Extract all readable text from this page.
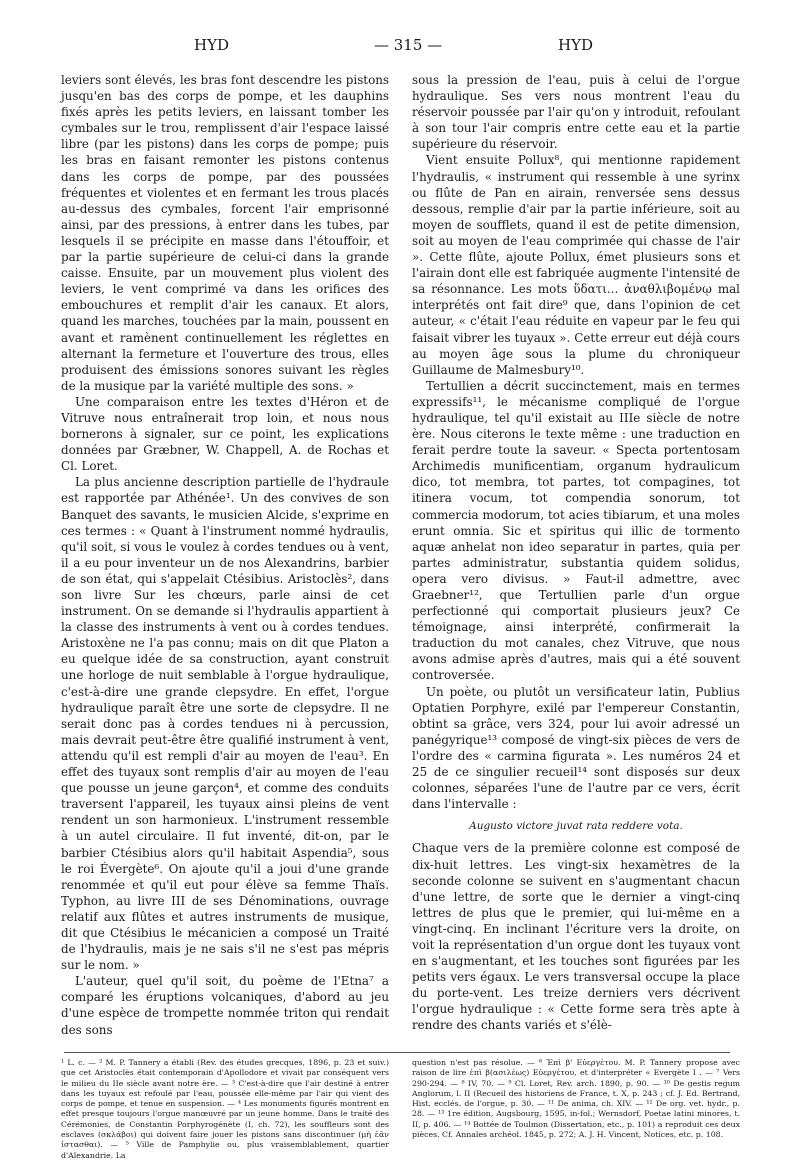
HYD	— 315 —	HYD

leviers sont élevés, les bras font descendre les pistons jusqu'en bas des corps de pompe, et les dauphins fixés après les petits leviers, en laissant tomber les cymbales sur le trou, remplissent d'air l'espace laissé libre (par les pistons) dans les corps de pompe; puis les bras en faisant remonter les pistons contenus dans les corps de pompe, par des poussées fréquentes et violentes et en fermant les trous placés au-dessus des cymbales, forcent l'air emprisonné ainsi, par des pressions, à entrer dans les tubes, par lesquels il se précipite en masse dans l'étouffoir, et par la partie supérieure de celui-ci dans la grande caisse. Ensuite, par un mouvement plus violent des leviers, le vent comprimé va dans les orifices des embouchures et remplit d'air les canaux. Et alors, quand les marches, touchées par la main, poussent en avant et ramènent continuellement les réglettes en alternant la fermeture et l'ouverture des trous, elles produisent des émissions sonores suivant les règles de la musique par la variété multiple des sons. »

Une comparaison entre les textes d'Héron et de Vitruve nous entraînerait trop loin, et nous nous bornerons à signaler, sur ce point, les explications données par Græbner, W. Chappell, A. de Rochas et Cl. Loret.

La plus ancienne description partielle de l'hydraule est rapportée par Athénée¹. Un des convives de son Banquet des savants, le musicien Alcide, s'exprime en ces termes : « Quant à l'instrument nommé hydraulis, qu'il soit, si vous le voulez à cordes tendues ou à vent, il a eu pour inventeur un de nos Alexandrins, barbier de son état, qui s'appelait Ctésibius. Aristoclès², dans son livre Sur les chœurs, parle ainsi de cet instrument. On se demande si l'hydraulis appartient à la classe des instruments à vent ou à cordes tendues. Aristoxène ne l'a pas connu; mais on dit que Platon a eu quelque idée de sa construction, ayant construit une horloge de nuit semblable à l'orgue hydraulique, c'est-à-dire une grande clepsydre. En effet, l'orgue hydraulique paraît être une sorte de clepsydre. Il ne serait donc pas à cordes tendues ni à percussion, mais devrait peut-être être qualifié instrument à vent, attendu qu'il est rempli d'air au moyen de l'eau³. En effet des tuyaux sont remplis d'air au moyen de l'eau que pousse un jeune garçon⁴, et comme des conduits traversent l'appareil, les tuyaux ainsi pleins de vent rendent un son harmonieux. L'instrument ressemble à un autel circulaire. Il fut inventé, dit-on, par le barbier Ctésibius alors qu'il habitait Aspendia⁵, sous le roi Évergète⁶. On ajoute qu'il a joui d'une grande renommée et qu'il eut pour élève sa femme Thaïs. Typhon, au livre III de ses Dénominations, ouvrage relatif aux flûtes et autres instruments de musique, dit que Ctésibius le mécanicien a composé un Traité de l'hydraulis, mais je ne sais s'il ne s'est pas mépris sur le nom. »

L'auteur, quel qu'il soit, du poème de l'Etna⁷ a comparé les éruptions volcaniques, d'abord au jeu d'une espèce de trompette nommée triton qui rendait des sons

sous la pression de l'eau, puis à celui de l'orgue hydraulique. Ses vers nous montrent l'eau du réservoir poussée par l'air qu'on y introduit, refoulant à son tour l'air compris entre cette eau et la partie supérieure du réservoir.

Vient ensuite Pollux⁸, qui mentionne rapidement l'hydraulis, « instrument qui ressemble à une syrinx ou flûte de Pan en airain, renversée sens dessus dessous, remplie d'air par la partie inférieure, soit au moyen de soufflets, quand il est de petite dimension, soit au moyen de l'eau comprimée qui chasse de l'air ». Cette flûte, ajoute Pollux, émet plusieurs sons et l'airain dont elle est fabriquée augmente l'intensité de sa résonnance. Les mots ὕδατι... ἀναθλιβομένῳ mal interprétés ont fait dire⁹ que, dans l'opinion de cet auteur, « c'était l'eau réduite en vapeur par le feu qui faisait vibrer les tuyaux ». Cette erreur eut déjà cours au moyen âge sous la plume du chroniqueur Guillaume de Malmesbury¹⁰.

Tertullien a décrit succinctement, mais en termes expressifs¹¹, le mécanisme compliqué de l'orgue hydraulique, tel qu'il existait au IIIe siècle de notre ère. Nous citerons le texte même : une traduction en ferait perdre toute la saveur. « Specta portentosam Archimedis munificentiam, organum hydraulicum dico, tot membra, tot partes, tot compagines, tot itinera vocum, tot compendia sonorum, tot commercia modorum, tot acies tibiarum, et una moles erunt omnia. Sic et spiritus qui illic de tormento aquæ anhelat non ideo separatur in partes, quia per partes administratur, substantia quidem solidus, opera vero divisus. » Faut-il admettre, avec Graebner¹², que Tertullien parle d'un orgue perfectionné qui comportait plusieurs jeux? Ce témoignage, ainsi interprété, confirmerait la traduction du mot canales, chez Vitruve, que nous avons admise après d'autres, mais qui a été souvent controversée.

Un poète, ou plutôt un versificateur latin, Publius Optatien Porphyre, exilé par l'empereur Constantin, obtint sa grâce, vers 324, pour lui avoir adressé un panégyrique¹³ composé de vingt-six pièces de vers de l'ordre des « carmina figurata ». Les numéros 24 et 25 de ce singulier recueil¹⁴ sont disposés sur deux colonnes, séparées l'une de l'autre par ce vers, écrit dans l'intervalle :

Augusto victore juvat rata reddere vota.

Chaque vers de la première colonne est composé de dix-huit lettres. Les vingt-six hexamètres de la seconde colonne se suivent en s'augmentant chacun d'une lettre, de sorte que le dernier a vingt-cinq lettres de plus que le premier, qui lui-même en a vingt-cinq. En inclinant l'écriture vers la droite, on voit la représentation d'un orgue dont les tuyaux vont en s'augmentant, et les touches sont figurées par les petits vers égaux. Le vers transversal occupe la place du porte-vent. Les treize derniers vers décrivent l'orgue hydraulique : « Cette forme sera très apte à rendre des chants variés et s'élè-

¹ L. c. — ² M. P. Tannery a établi (Rev. des études grecques, 1896, p. 23 et suiv.) que cet Aristoclès était contemporain d'Apollodore et vivait par conséquent vers le milieu du IIe siècle avant notre ère. — ³ C'est-à-dire que l'air destiné à entrer dans les tuyaux est refoulé par l'eau, poussée elle-même par l'air qui vient des corps de pompe, et tenue en suspension. — ⁴ Les monuments figurés montrent en effet presque toujours l'orgue manœuvré par un jeune homme. Dans le traité des Cérémonies, de Constantin Porphyrogénète (I, ch. 72), les souffleurs sont des esclaves (σκλάβοι) qui doivent faire jouer les pistons sans discontinuer (μὴ ἐᾶν ἱστασθαι). — ⁵ Ville de Pamphylie ou, plus vraisemblablement, quartier d'Alexandrie. La

question n'est pas résolue. — ⁶ Ἐπὶ β' Εὐεργέτου. M. P. Tannery propose avec raison de lire ἐπὶ β(ασιλέως) Εὐεργέτου, et d'interpréter « Evergète I . — ⁷ Vers 290-294. — ⁸ IV, 70. — ⁹ Cl. Loret, Rev. arch. 1890, p. 90. — ¹⁰ De gestis regum Anglorum, l. II (Recueil des historiens de France, t. X, p. 243 ; cf. J. Ed. Bertrand, Hist. ecclés. de l'orgue, p. 30. — ¹¹ De anima, ch. XIV. — ¹² De org. vet. hydr., p. 28. — ¹³ 1re édition, Augsbourg, 1595, in-fol.; Wernsdorf, Poetae latini minores, t. II, p. 406. — ¹⁴ Bottée de Toulmon (Dissertation, etc., p. 101) a reproduit ces deux pièces. Cf. Annales archéol. 1845, p. 272; A. J. H. Vincent, Notices, etc. p. 108.
